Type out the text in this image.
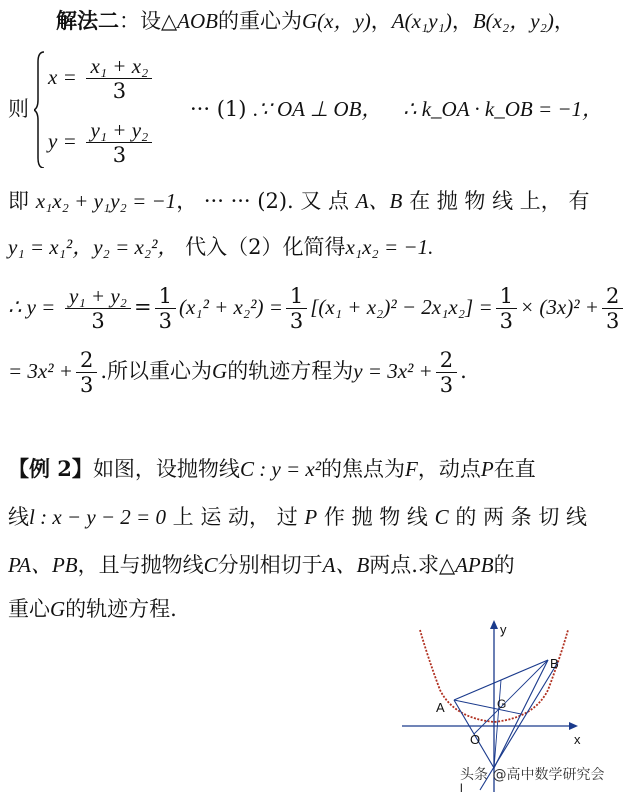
解法二：设△AOB的重心为G(x，y)，A(x₁y₁)，B(x₂，y₂)，
则
$x = \frac{\text{x₁ + x₂}}{3}$
··· (1) .∵ OA ⊥ OB， ∴ k_OA · k_OB = −1，
$y = \frac{\text{y₁ + y₂}}{3}$
即 x₁x₂ + y₁y₂ = −1， ··· ··· (2). 又 点 A、B 在 抛 物 线 上， 有
y₁ = x₁²，y₂ = x₂²， 代入（2）化简得x₁x₂ = −1.
∴ $y = \frac{\text{y₁ + y₂}}{3} = \frac{1}{3} (x_1^2 + x_2^2) = \frac{1}{3} [(x_1 + x_2)^2 - 2x_1x_2] = \frac{1}{3} \times (3x)^2 + \frac{2}{3}$
= $3x^2 + \frac{2}{3}$ .所以重心为G的轨迹方程为$y = 3x^2 + \frac{2}{3}$ .
【例 2】如图，设抛物线C : y = x²的焦点为F，动点P在直
线l : x − y − 2 = 0 上 运 动， 过 P 作 抛 物 线 C 的 两 条 切 线
PA、PB，且与抛物线C分别相切于A、B两点.求△APB的
重心G的轨迹方程.
y
x
A
B
G
O
l
头条 @高中数学研究会
